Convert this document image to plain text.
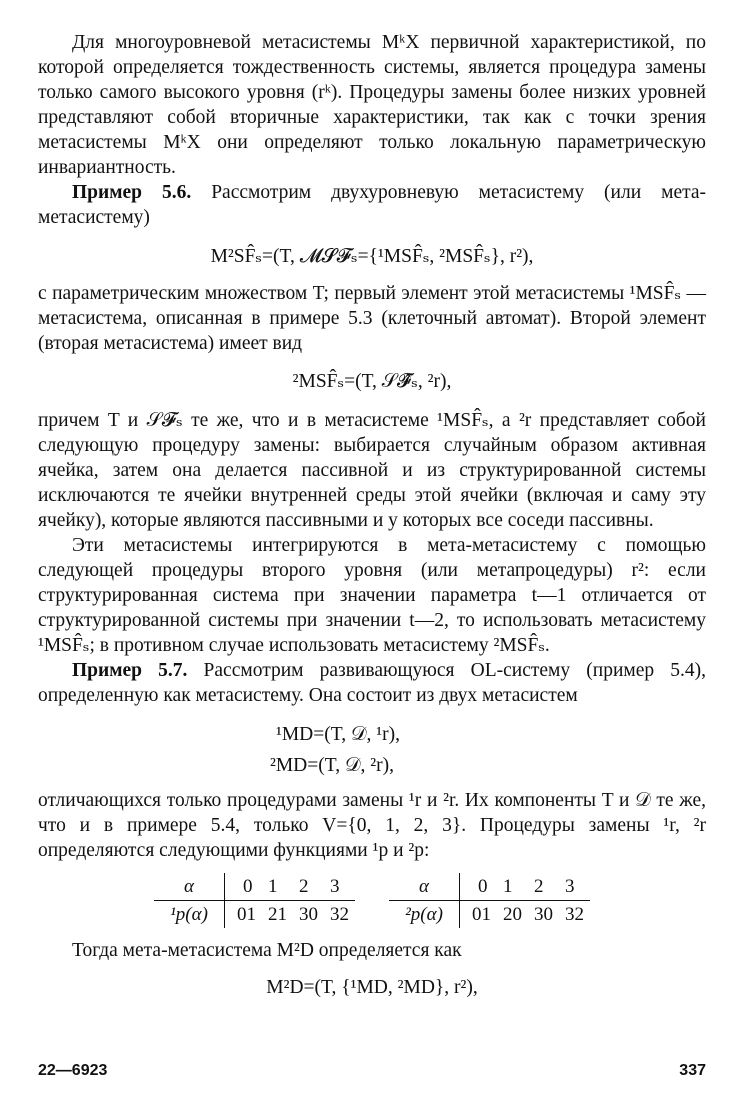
Для многоуровневой метасистемы MᵏX первичной характеристикой, по которой определяется тождественность системы, является процедура замены только самого высокого уровня (rᵏ). Процедуры замены более низких уровней представляют собой вторичные характеристики, так как с точки зрения метасистемы MᵏX они определяют только локальную параметрическую инвариантность.

Пример 5.6. Рассмотрим двухуровневую метасистему (или мета-метасистему)

M²SF̂ₛ=(T, 𝓜𝓢𝓕ₛ={¹MSF̂ₛ, ²MSF̂ₛ}, r²),

с параметрическим множеством T; первый элемент этой метасистемы ¹MSF̂ₛ — метасистема, описанная в примере 5.3 (клеточный автомат). Второй элемент (вторая метасистема) имеет вид

²MSF̂ₛ=(T, 𝒮𝓕̂ₛ, ²r),

причем T и 𝒮𝓕ₛ те же, что и в метасистеме ¹MSF̂ₛ, а ²r представляет собой следующую процедуру замены: выбирается случайным образом активная ячейка, затем она делается пассивной и из структурированной системы исключаются те ячейки внутренней среды этой ячейки (включая и саму эту ячейку), которые являются пассивными и у которых все соседи пассивны.

Эти метасистемы интегрируются в мета-метасистему с помощью следующей процедуры второго уровня (или метапроцедуры) r²: если структурированная система при значении параметра t—1 отличается от структурированной системы при значении t—2, то использовать метасистему ¹MSF̂ₛ; в противном случае использовать метасистему ²MSF̂ₛ.

Пример 5.7. Рассмотрим развивающуюся OL-систему (пример 5.4), определенную как метасистему. Она состоит из двух метасистем

¹MD=(T, 𝒟, ¹r),

²MD=(T, 𝒟, ²r),

отличающихся только процедурами замены ¹r и ²r. Их компоненты T и 𝒟 те же, что и в примере 5.4, только V={0, 1, 2, 3}. Процедуры замены ¹r, ²r определяются следующими функциями ¹p и ²p:

α	0	1	2	3
¹p(α)	01	21	30	32
α	0	1	2	3
²p(α)	01	20	30	32

Тогда мета-метасистема M²D определяется как

M²D=(T, {¹MD, ²MD}, r²),

22—6923	337
